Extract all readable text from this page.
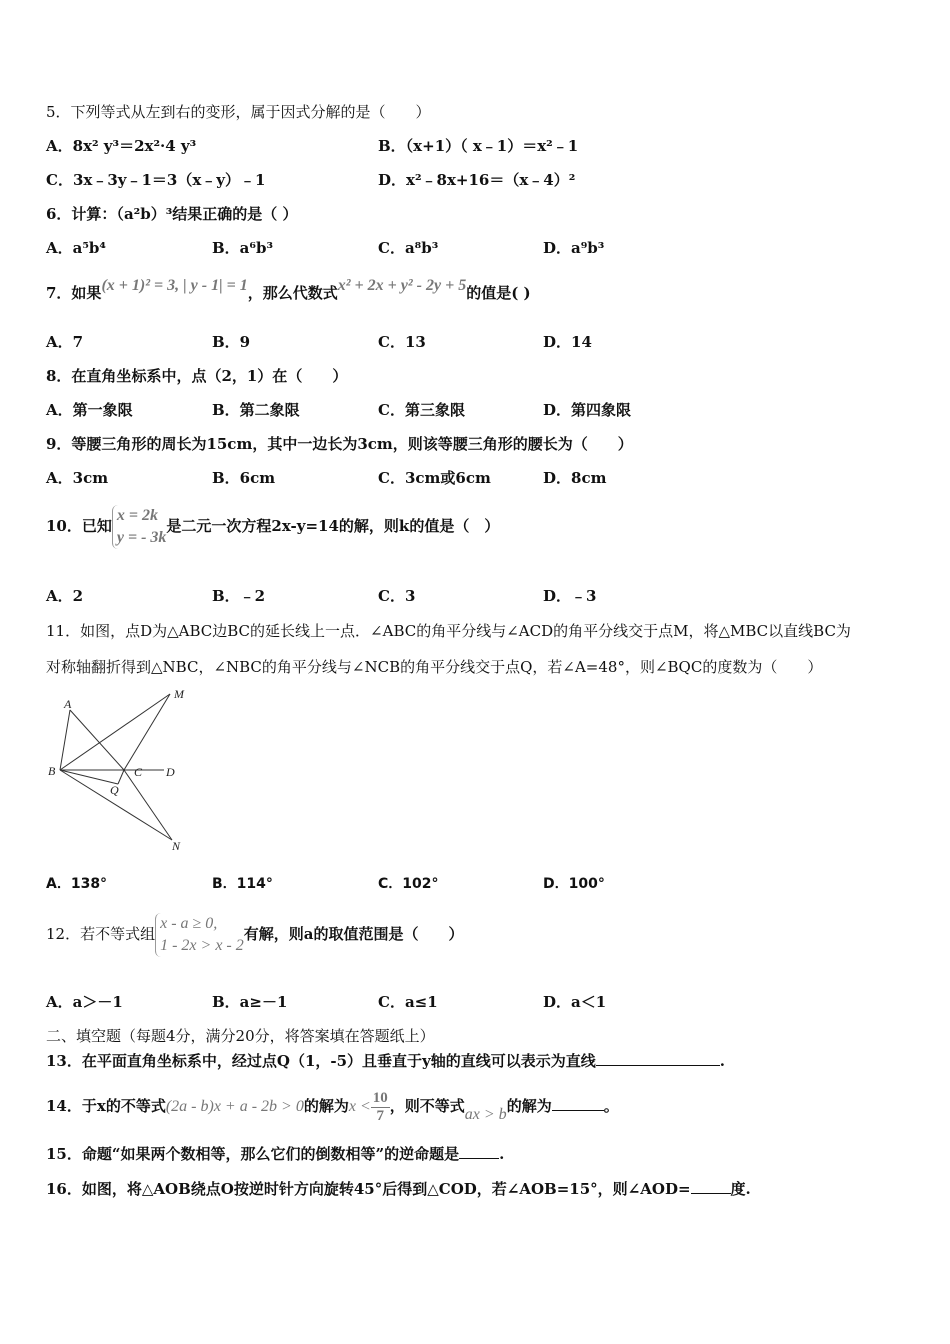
5．下列等式从左到右的变形，属于因式分解的是（　　）
A．8x² y³＝2x²·4 y³	B．（x+1）（ x﹣1）＝x²﹣1
C．3x﹣3y﹣1＝3（x﹣y）﹣1	D．x²﹣8x+16＝（x﹣4）²
6．计算：（a²b）³结果正确的是（ ）
A．a⁵b⁴	B．a⁶b³	C．a⁸b³	D．a⁹b³
7．如果(x + 1)² = 3, | y - 1| = 1，那么代数式x² + 2x + y² - 2y + 5的值是( )
A．7	B．9	C．13	D．14
8．在直角坐标系中，点（2，1）在（　　）
A．第一象限	B．第二象限	C．第三象限	D．第四象限
9．等腰三角形的周长为15cm，其中一边长为3cm，则该等腰三角形的腰长为（　　）
A．3cm	B．6cm	C．3cm或6cm	D．8cm
10．已知
x = 2k
y = - 3k
是二元一次方程2x-y=14的解，则k的值是（　）
A．2	B．﹣2	C．3	D．﹣3
11．如图，点D为△ABC边BC的延长线上一点．∠ABC的角平分线与∠ACD的角平分线交于点M，将△MBC以直线BC为
对称轴翻折得到△NBC，∠NBC的角平分线与∠NCB的角平分线交于点Q，若∠A=48°，则∠BQC的度数为（　　）
A
M
B	C D
Q
N
A．138°	B．114°	C．102°	D．100°
12．若不等式组
x - a ≥ 0,
1 - 2x > x - 2
有解，则a的取值范围是（　　）
A．a＞－1	B．a≥－1	C．a≤1	D．a＜1
二、填空题（每题4分，满分20分，将答案填在答题纸上）
13．在平面直角坐标系中，经过点Q（1，-5）且垂直于y轴的直线可以表示为直线	.
14．于x的不等式(2a - b)x + a - 2b > 0的解为$x < \frac{10}{7}$ ，则不等式ax > b的解为	。
15．命题“如果两个数相等，那么它们的倒数相等”的逆命题是	.
16．如图，将△AOB绕点O按逆时针方向旋转45°后得到△COD，若∠AOB=15°，则∠AOD=	度.
